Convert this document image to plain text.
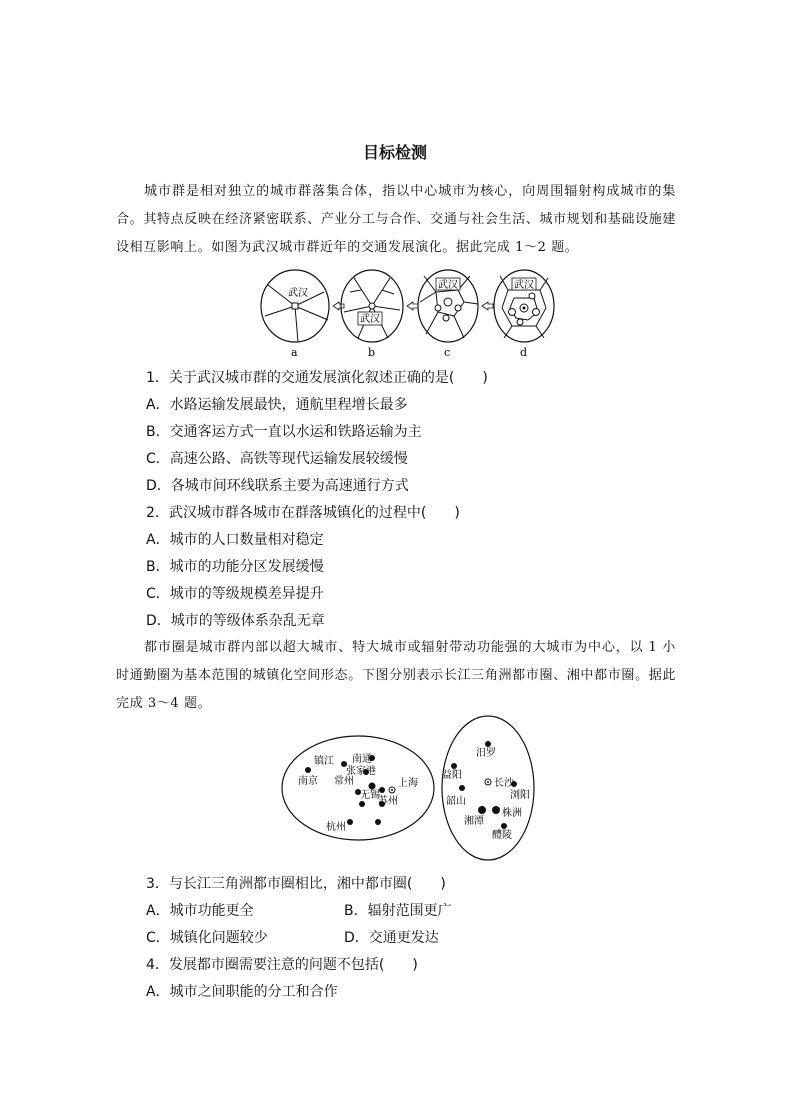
目标检测

城市群是相对独立的城市群落集合体，指以中心城市为核心，向周围辐射构成城市的集合。其特点反映在经济紧密联系、产业分工与合作、交通与社会生活、城市规划和基础设施建设相互影响上。如图为武汉城市群近年的交通发展演化。据此完成 1～2 题。

武汉
武汉
武汉	武汉
a	b	c	d
1．关于武汉城市群的交通发展演化叙述正确的是(　　)
A．水路运输发展最快，通航里程增长最多
B．交通客运方式一直以水运和铁路运输为主
C．高速公路、高铁等现代运输发展较缓慢
D．各城市间环线联系主要为高速通行方式
2．武汉城市群各城市在群落城镇化的过程中(　　)
A．城市的人口数量相对稳定
B．城市的功能分区发展缓慢
C．城市的等级规模差异提升
D．城市的等级体系杂乱无章

都市圈是城市群内部以超大城市、特大城市或辐射带动功能强的大城市为中心，以 1 小时通勤圈为基本范围的城镇化空间形态。下图分别表示长江三角洲都市圈、湘中都市圈。据此完成 3～4 题。

镇江 南通
张家港
南京 常州	上海
无锡
苏州
杭州
汨罗
益阳
长沙
浏阳
韶山
湘潭
株洲
醴陵
3．与长江三角洲都市圈相比，湘中都市圈(　　)
A．城市功能更全	B．辐射范围更广
C．城镇化问题较少	D．交通更发达
4．发展都市圈需要注意的问题不包括(　　)
A．城市之间职能的分工和合作
